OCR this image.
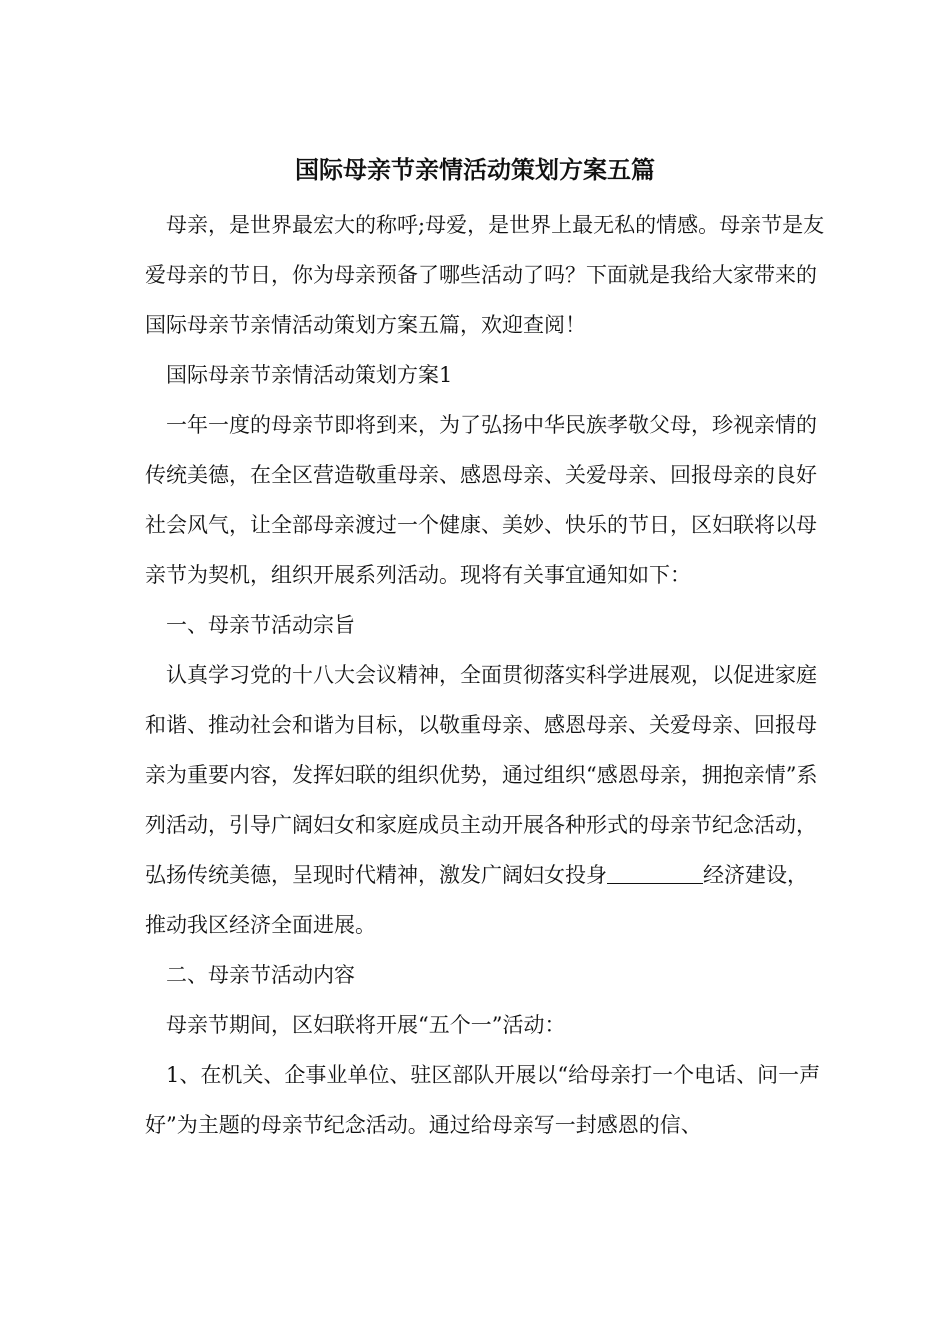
国际母亲节亲情活动策划方案五篇

母亲，是世界最宏大的称呼;母爱，是世界上最无私的情感。母亲节是友爱母亲的节日，你为母亲预备了哪些活动了吗？下面就是我给大家带来的国际母亲节亲情活动策划方案五篇，欢迎查阅！

国际母亲节亲情活动策划方案1

一年一度的母亲节即将到来，为了弘扬中华民族孝敬父母，珍视亲情的传统美德，在全区营造敬重母亲、感恩母亲、关爱母亲、回报母亲的良好社会风气，让全部母亲渡过一个健康、美妙、快乐的节日，区妇联将以母亲节为契机，组织开展系列活动。现将有关事宜通知如下：

一、母亲节活动宗旨

认真学习党的十八大会议精神，全面贯彻落实科学进展观，以促进家庭和谐、推动社会和谐为目标，以敬重母亲、感恩母亲、关爱母亲、回报母亲为重要内容，发挥妇联的组织优势，通过组织“感恩母亲，拥抱亲情”系列活动，引导广阔妇女和家庭成员主动开展各种形式的母亲节纪念活动，弘扬传统美德，呈现时代精神，激发广阔妇女投身	经济建设，推动我区经济全面进展。

二、母亲节活动内容

母亲节期间，区妇联将开展“五个一”活动：

1、在机关、企事业单位、驻区部队开展以“给母亲打一个电话、问一声好”为主题的母亲节纪念活动。通过给母亲写一封感恩的信、
